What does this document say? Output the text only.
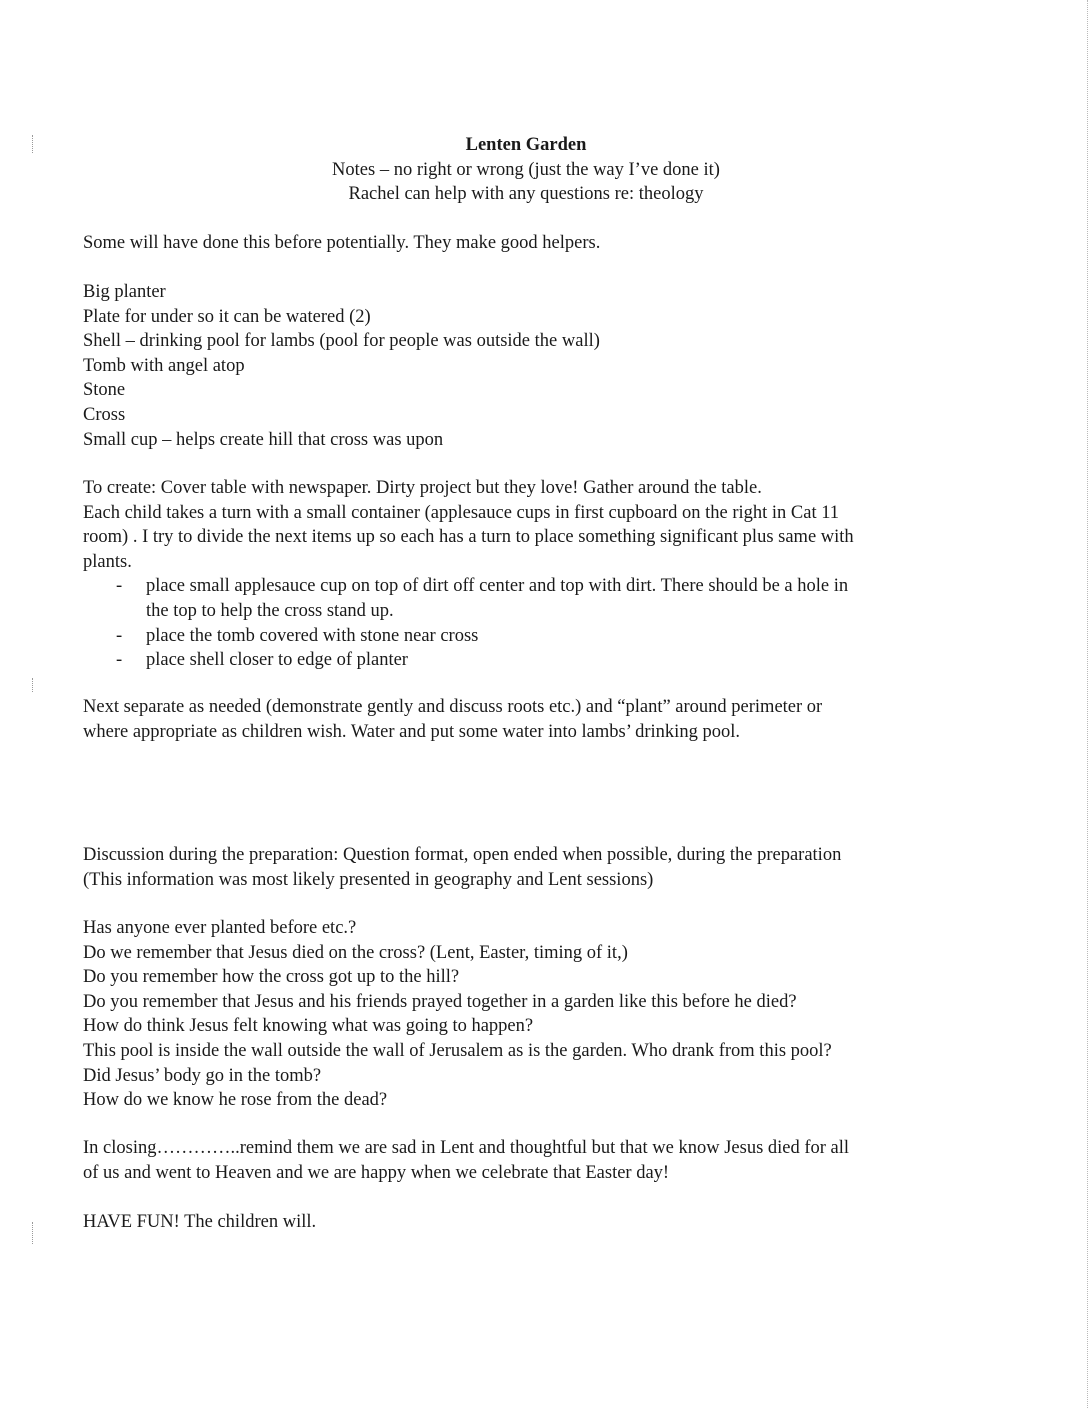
Lenten Garden
Notes – no right or wrong (just the way I’ve done it)
Rachel can help with any questions re: theology
Some will have done this before potentially. They make good helpers.
Big planter
Plate for under so it can be watered (2)
Shell – drinking pool for lambs (pool for people was outside the wall)
Tomb with angel atop
Stone
Cross
Small cup – helps create hill that cross was upon
To create: Cover table with newspaper. Dirty project but they love! Gather around the table.
Each child takes a turn with a small container (applesauce cups in first cupboard on the right in Cat 11
room) . I try to divide the next items up so each has a turn to place something significant plus same with
plants.
- place small applesauce cup on top of dirt off center and top with dirt. There should be a hole in
the top to help the cross stand up.
- place the tomb covered with stone near cross
- place shell closer to edge of planter
Next separate as needed (demonstrate gently and discuss roots etc.) and “plant” around perimeter or
where appropriate as children wish. Water and put some water into lambs’ drinking pool.
Discussion during the preparation: Question format, open ended when possible, during the preparation
(This information was most likely presented in geography and Lent sessions)
Has anyone ever planted before etc.?
Do we remember that Jesus died on the cross? (Lent, Easter, timing of it,)
Do you remember how the cross got up to the hill?
Do you remember that Jesus and his friends prayed together in a garden like this before he died?
How do think Jesus felt knowing what was going to happen?
This pool is inside the wall outside the wall of Jerusalem as is the garden. Who drank from this pool?
Did Jesus’ body go in the tomb?
How do we know he rose from the dead?
In closing…………..remind them we are sad in Lent and thoughtful but that we know Jesus died for all
of us and went to Heaven and we are happy when we celebrate that Easter day!
HAVE FUN! The children will.
